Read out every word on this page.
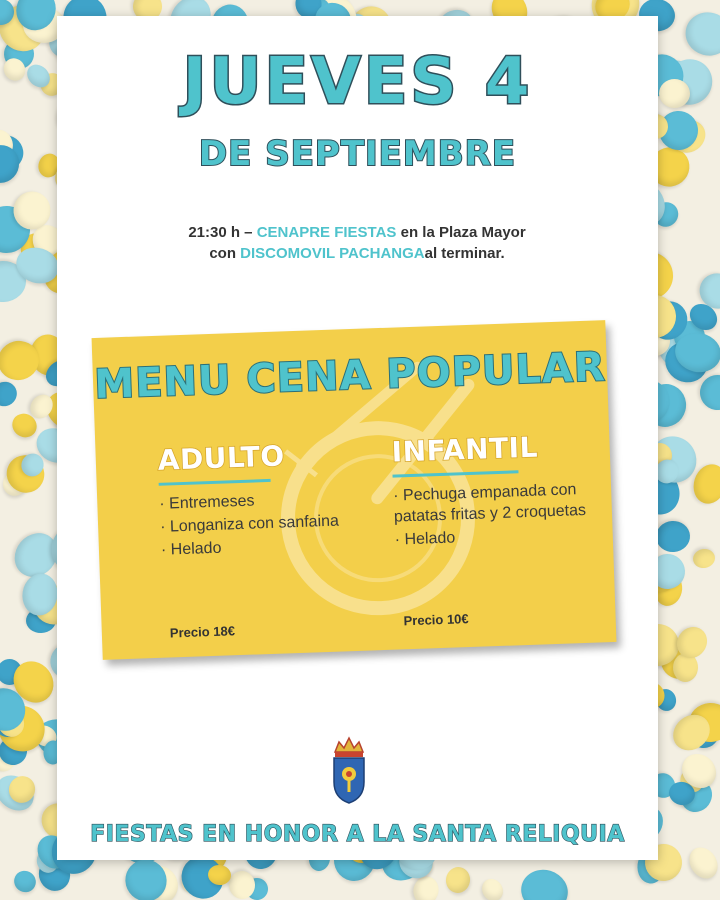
JUEVES 4
DE SEPTIEMBRE
21:30 h – CENAPRE FIESTAS en la Plaza Mayor con DISCOMOVIL PACHANGAal terminar.
MENU CENA POPULAR
ADULTO
· Entremeses
· Longaniza con sanfaina
· Helado
Precio 18€
INFANTIL
· Pechuga empanada con patatas fritas y 2 croquetas
· Helado
Precio 10€
FIESTAS EN HONOR A LA SANTA RELIQUIA
